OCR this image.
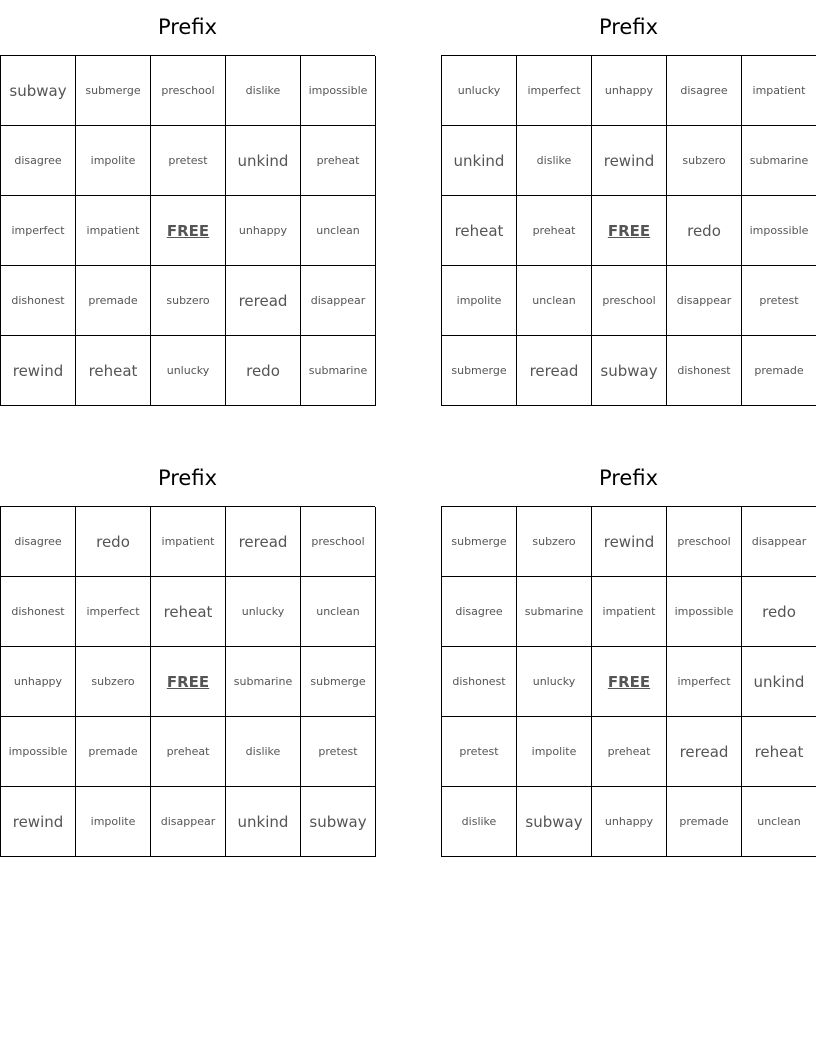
Prefix
subway	submerge	preschool	dislike	impossible
disagree	impolite	pretest	unkind	preheat
imperfect	impatient	FREE	unhappy	unclean
dishonest	premade	subzero	reread	disappear
rewind	reheat	unlucky	redo	submarine
Prefix
unlucky	imperfect	unhappy	disagree	impatient
unkind	dislike	rewind	subzero	submarine
reheat	preheat	FREE	redo	impossible
impolite	unclean	preschool	disappear	pretest
submerge	reread	subway	dishonest	premade
Prefix
disagree	redo	impatient	reread	preschool
dishonest	imperfect	reheat	unlucky	unclean
unhappy	subzero	FREE	submarine	submerge
impossible	premade	preheat	dislike	pretest
rewind	impolite	disappear	unkind	subway
Prefix
submerge	subzero	rewind	preschool	disappear
disagree	submarine	impatient	impossible	redo
dishonest	unlucky	FREE	imperfect	unkind
pretest	impolite	preheat	reread	reheat
dislike	subway	unhappy	premade	unclean
